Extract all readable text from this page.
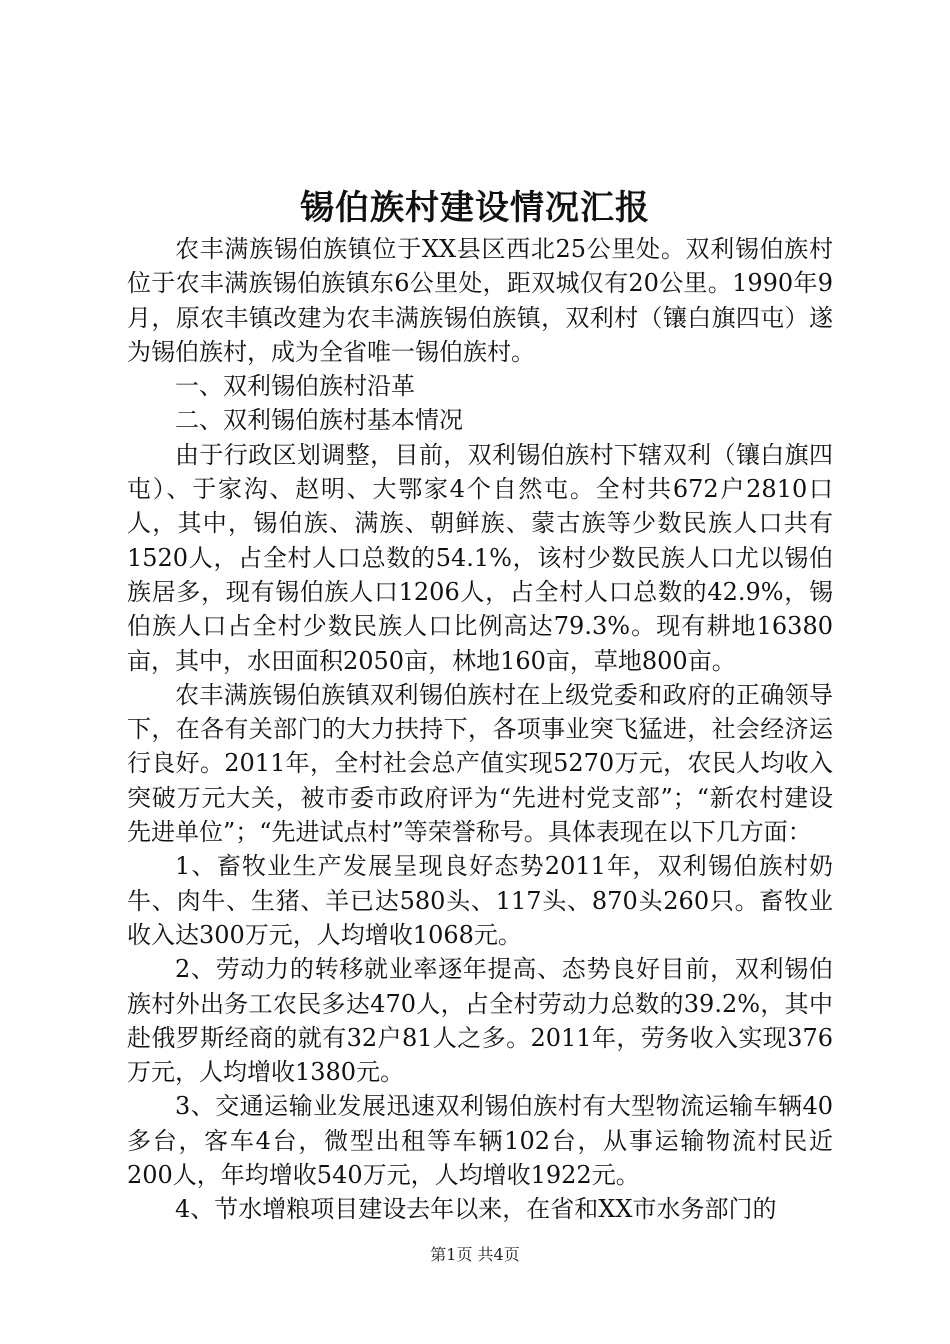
锡伯族村建设情况汇报

农丰满族锡伯族镇位于XX县区西北25公里处。双利锡伯族村位于农丰满族锡伯族镇东6公里处，距双城仅有20公里。1990年9月，原农丰镇改建为农丰满族锡伯族镇，双利村（镶白旗四屯）遂为锡伯族村，成为全省唯一锡伯族村。

一、双利锡伯族村沿革

二、双利锡伯族村基本情况

由于行政区划调整，目前，双利锡伯族村下辖双利（镶白旗四屯）、于家沟、赵明、大鄂家4个自然屯。全村共672户2810口人，其中，锡伯族、满族、朝鲜族、蒙古族等少数民族人口共有1520人，占全村人口总数的54.1%，该村少数民族人口尤以锡伯族居多，现有锡伯族人口1206人，占全村人口总数的42.9%，锡伯族人口占全村少数民族人口比例高达79.3%。现有耕地16380亩，其中，水田面积2050亩，林地160亩，草地800亩。

农丰满族锡伯族镇双利锡伯族村在上级党委和政府的正确领导下，在各有关部门的大力扶持下，各项事业突飞猛进，社会经济运行良好。2011年，全村社会总产值实现5270万元，农民人均收入突破万元大关，被市委市政府评为“先进村党支部”；“新农村建设先进单位”；“先进试点村”等荣誉称号。具体表现在以下几方面：

1、畜牧业生产发展呈现良好态势2011年，双利锡伯族村奶牛、肉牛、生猪、羊已达580头、117头、870头260只。畜牧业收入达300万元，人均增收1068元。

2、劳动力的转移就业率逐年提高、态势良好目前，双利锡伯族村外出务工农民多达470人，占全村劳动力总数的39.2%，其中赴俄罗斯经商的就有32户81人之多。2011年，劳务收入实现376万元，人均增收1380元。

3、交通运输业发展迅速双利锡伯族村有大型物流运输车辆40多台，客车4台，微型出租等车辆102台，从事运输物流村民近200人，年均增收540万元，人均增收1922元。

4、节水增粮项目建设去年以来，在省和XX市水务部门的

第1页 共4页
